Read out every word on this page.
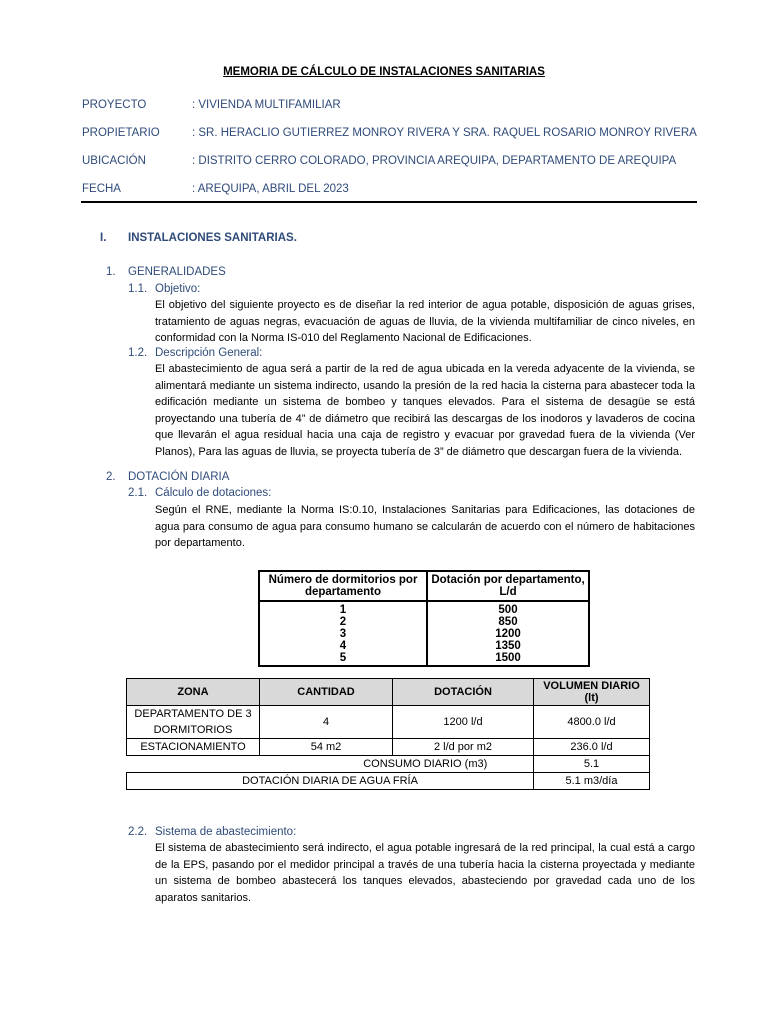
MEMORIA DE CÁLCULO DE INSTALACIONES SANITARIAS
PROYECTO	: VIVIENDA MULTIFAMILIAR
PROPIETARIO	: SR. HERACLIO GUTIERREZ MONROY RIVERA Y SRA. RAQUEL ROSARIO MONROY RIVERA
UBICACIÓN	: DISTRITO CERRO COLORADO, PROVINCIA AREQUIPA, DEPARTAMENTO DE AREQUIPA
FECHA	: AREQUIPA, ABRIL DEL 2023
I. INSTALACIONES SANITARIAS.
1. GENERALIDADES
1.1. Objetivo:
El objetivo del siguiente proyecto es de diseñar la red interior de agua potable, disposición de aguas grises, tratamiento de aguas negras, evacuación de aguas de lluvia, de la vivienda multifamiliar de cinco niveles, en conformidad con la Norma IS-010 del Reglamento Nacional de Edificaciones.
1.2. Descripción General:
El abastecimiento de agua será a partir de la red de agua ubicada en la vereda adyacente de la vivienda, se alimentará mediante un sistema indirecto, usando la presión de la red hacia la cisterna para abastecer toda la edificación mediante un sistema de bombeo y tanques elevados. Para el sistema de desagüe se está proyectando una tubería de 4” de diámetro que recibirá las descargas de los inodoros y lavaderos de cocina que llevarán el agua residual hacia una caja de registro y evacuar por gravedad fuera de la vivienda (Ver Planos), Para las aguas de lluvia, se proyecta tubería de 3” de diámetro que descargan fuera de la vivienda.
2. DOTACIÓN DIARIA
2.1. Cálculo de dotaciones:
Según el RNE, mediante la Norma IS:0.10, Instalaciones Sanitarias para Edificaciones, las dotaciones de agua para consumo de agua para consumo humano se calcularán de acuerdo con el número de habitaciones por departamento.
Número de dormitorios por departamento	Dotación por departamento, L/d
1	500
2	850
3	1200
4	1350
5	1500
ZONA	CANTIDAD	DOTACIÓN	VOLUMEN DIARIO (lt)
DEPARTAMENTO DE 3 DORMITORIOS	4	1200 l/d	4800.0 l/d
ESTACIONAMIENTO	54 m2	2 l/d por m2	236.0 l/d
	CONSUMO DIARIO (m3)		5.1
DOTACIÓN DIARIA DE AGUA FRÍA			5.1 m3/día
2.2. Sistema de abastecimiento:
El sistema de abastecimiento será indirecto, el agua potable ingresará de la red principal, la cual está a cargo de la EPS, pasando por el medidor principal a través de una tubería hacia la cisterna proyectada y mediante un sistema de bombeo abastecerá los tanques elevados, abasteciendo por gravedad cada uno de los aparatos sanitarios.
